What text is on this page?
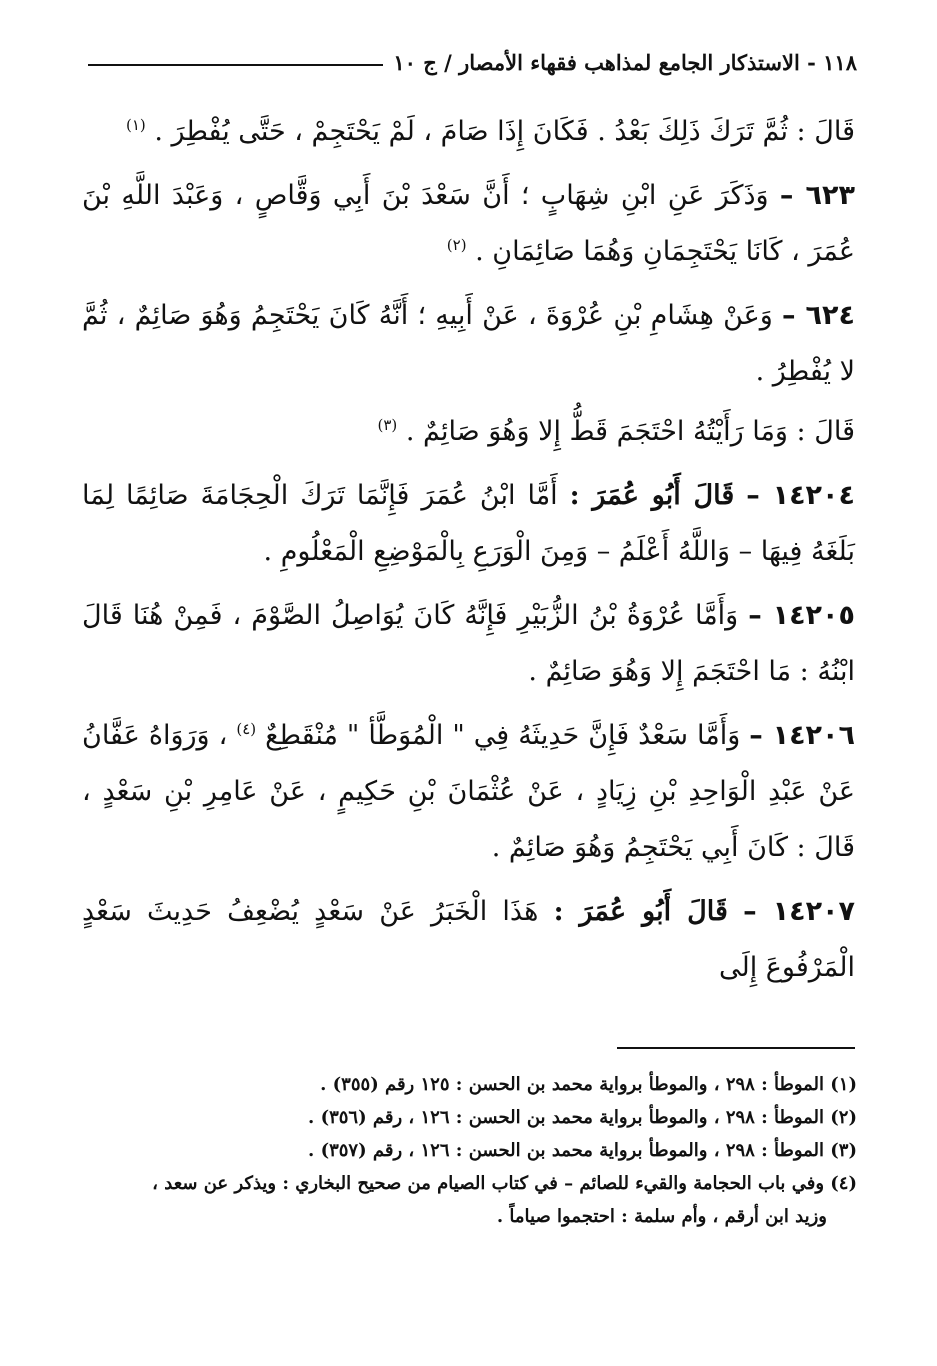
١١٨ - الاستذكار الجامع لمذاهب فقهاء الأمصار / ج ١٠

قَالَ : ثُمَّ تَرَكَ ذَلِكَ بَعْدُ . فَكَانَ إِذَا صَامَ ، لَمْ يَحْتَجِمْ ، حَتَّى يُفْطِرَ . $^{(١)}$

٦٢٣ – وَذَكَرَ عَنِ ابْنِ شِهَابٍ ؛ أَنَّ سَعْدَ بْنَ أَبِي وَقَّاصٍ ، وَعَبْدَ اللَّهِ بْنَ عُمَرَ ، كَانَا يَحْتَجِمَانِ وَهُمَا صَائِمَانِ . $^{(٢)}$

٦٢٤ – وَعَنْ هِشَامِ بْنِ عُرْوَةَ ، عَنْ أَبِيهِ ؛ أَنَّهُ كَانَ يَحْتَجِمُ وَهُوَ صَائِمٌ ، ثُمَّ لا يُفْطِرُ .

قَالَ : وَمَا رَأَيْتُهُ احْتَجَمَ قَطُّ إِلا وَهُوَ صَائِمٌ . $^{(٣)}$

١٤٢٠٤ – قَالَ أَبُو عُمَرَ : أَمَّا ابْنُ عُمَرَ فَإِنَّمَا تَرَكَ الْحِجَامَةَ صَائِمًا لِمَا بَلَغَهُ فِيهَا – وَاللَّهُ أَعْلَمُ – وَمِنَ الْوَرَعِ بِالْمَوْضِعِ الْمَعْلُومِ .

١٤٢٠٥ – وَأَمَّا عُرْوَةُ بْنُ الزُّبَيْرِ فَإِنَّهُ كَانَ يُوَاصِلُ الصَّوْمَ ، فَمِنْ هُنَا قَالَ ابْنُهُ : مَا احْتَجَمَ إِلا وَهُوَ صَائِمٌ .

١٤٢٠٦ – وَأَمَّا سَعْدٌ فَإِنَّ حَدِيثَهُ فِي " الْمُوَطَّأ " مُنْقَطِعٌ $^{(٤)}$ ، وَرَوَاهُ عَفَّانُ عَنْ عَبْدِ الْوَاحِدِ بْنِ زِيَادٍ ، عَنْ عُثْمَانَ بْنِ حَكِيمٍ ، عَنْ عَامِرِ بْنِ سَعْدٍ ، قَالَ : كَانَ أَبِي يَحْتَجِمُ وَهُوَ صَائِمٌ .

١٤٢٠٧ – قَالَ أَبُو عُمَرَ : هَذَا الْخَبَرُ عَنْ سَعْدٍ يُضْعِفُ حَدِيثَ سَعْدٍ الْمَرْفُوعَ إِلَى

(١) الموطأ : ٢٩٨ ، والموطأ برواية محمد بن الحسن : ١٢٥ رقم (٣٥٥) .

(٢) الموطأ : ٢٩٨ ، والموطأ برواية محمد بن الحسن : ١٢٦ ، رقم (٣٥٦) .

(٣) الموطأ : ٢٩٨ ، والموطأ برواية محمد بن الحسن : ١٢٦ ، رقم (٣٥٧) .

(٤) وفي باب الحجامة والقيء للصائم – في كتاب الصيام من صحيح البخاري : ويذكر عن سعد ،

وزيد ابن أرقم ، وأم سلمة : احتجموا صياماً .
